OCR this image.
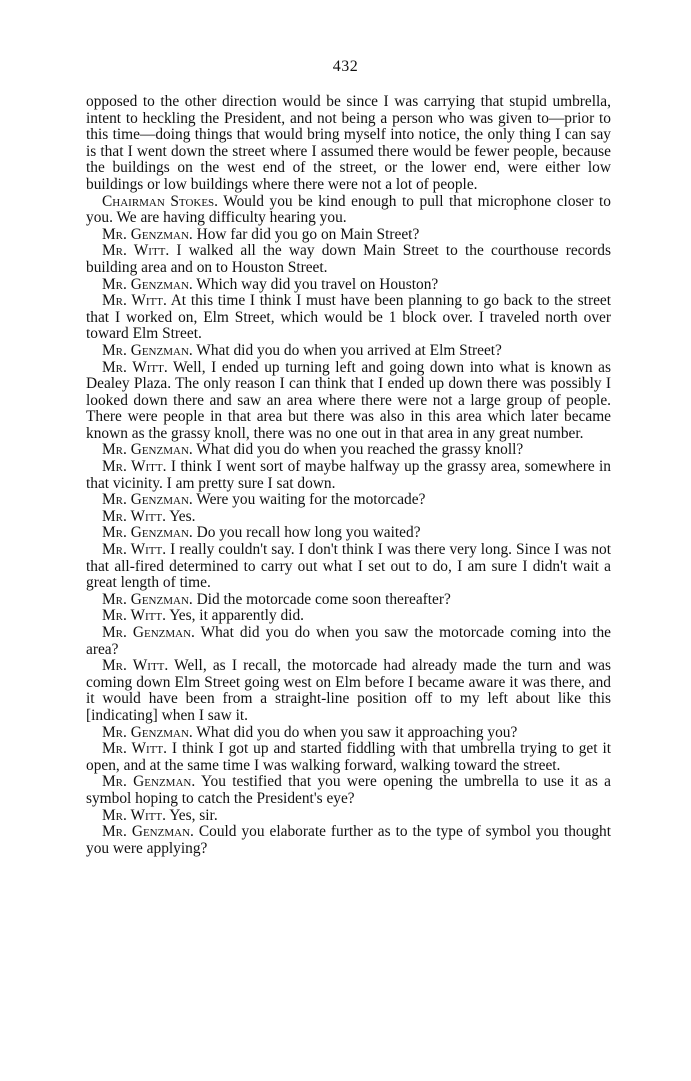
432

opposed to the other direction would be since I was carrying that stupid umbrella, intent to heckling the President, and not being a person who was given to—prior to this time—doing things that would bring myself into notice, the only thing I can say is that I went down the street where I assumed there would be fewer people, because the buildings on the west end of the street, or the lower end, were either low buildings or low buildings where there were not a lot of people.

Chairman Stokes. Would you be kind enough to pull that microphone closer to you. We are having difficulty hearing you.

Mr. Genzman. How far did you go on Main Street?

Mr. Witt. I walked all the way down Main Street to the courthouse records building area and on to Houston Street.

Mr. Genzman. Which way did you travel on Houston?

Mr. Witt. At this time I think I must have been planning to go back to the street that I worked on, Elm Street, which would be 1 block over. I traveled north over toward Elm Street.

Mr. Genzman. What did you do when you arrived at Elm Street?

Mr. Witt. Well, I ended up turning left and going down into what is known as Dealey Plaza. The only reason I can think that I ended up down there was possibly I looked down there and saw an area where there were not a large group of people. There were people in that area but there was also in this area which later became known as the grassy knoll, there was no one out in that area in any great number.

Mr. Genzman. What did you do when you reached the grassy knoll?

Mr. Witt. I think I went sort of maybe halfway up the grassy area, somewhere in that vicinity. I am pretty sure I sat down.

Mr. Genzman. Were you waiting for the motorcade?

Mr. Witt. Yes.

Mr. Genzman. Do you recall how long you waited?

Mr. Witt. I really couldn't say. I don't think I was there very long. Since I was not that all-fired determined to carry out what I set out to do, I am sure I didn't wait a great length of time.

Mr. Genzman. Did the motorcade come soon thereafter?

Mr. Witt. Yes, it apparently did.

Mr. Genzman. What did you do when you saw the motorcade coming into the area?

Mr. Witt. Well, as I recall, the motorcade had already made the turn and was coming down Elm Street going west on Elm before I became aware it was there, and it would have been from a straight-line position off to my left about like this [indicating] when I saw it.

Mr. Genzman. What did you do when you saw it approaching you?

Mr. Witt. I think I got up and started fiddling with that umbrella trying to get it open, and at the same time I was walking forward, walking toward the street.

Mr. Genzman. You testified that you were opening the umbrella to use it as a symbol hoping to catch the President's eye?

Mr. Witt. Yes, sir.

Mr. Genzman. Could you elaborate further as to the type of symbol you thought you were applying?
